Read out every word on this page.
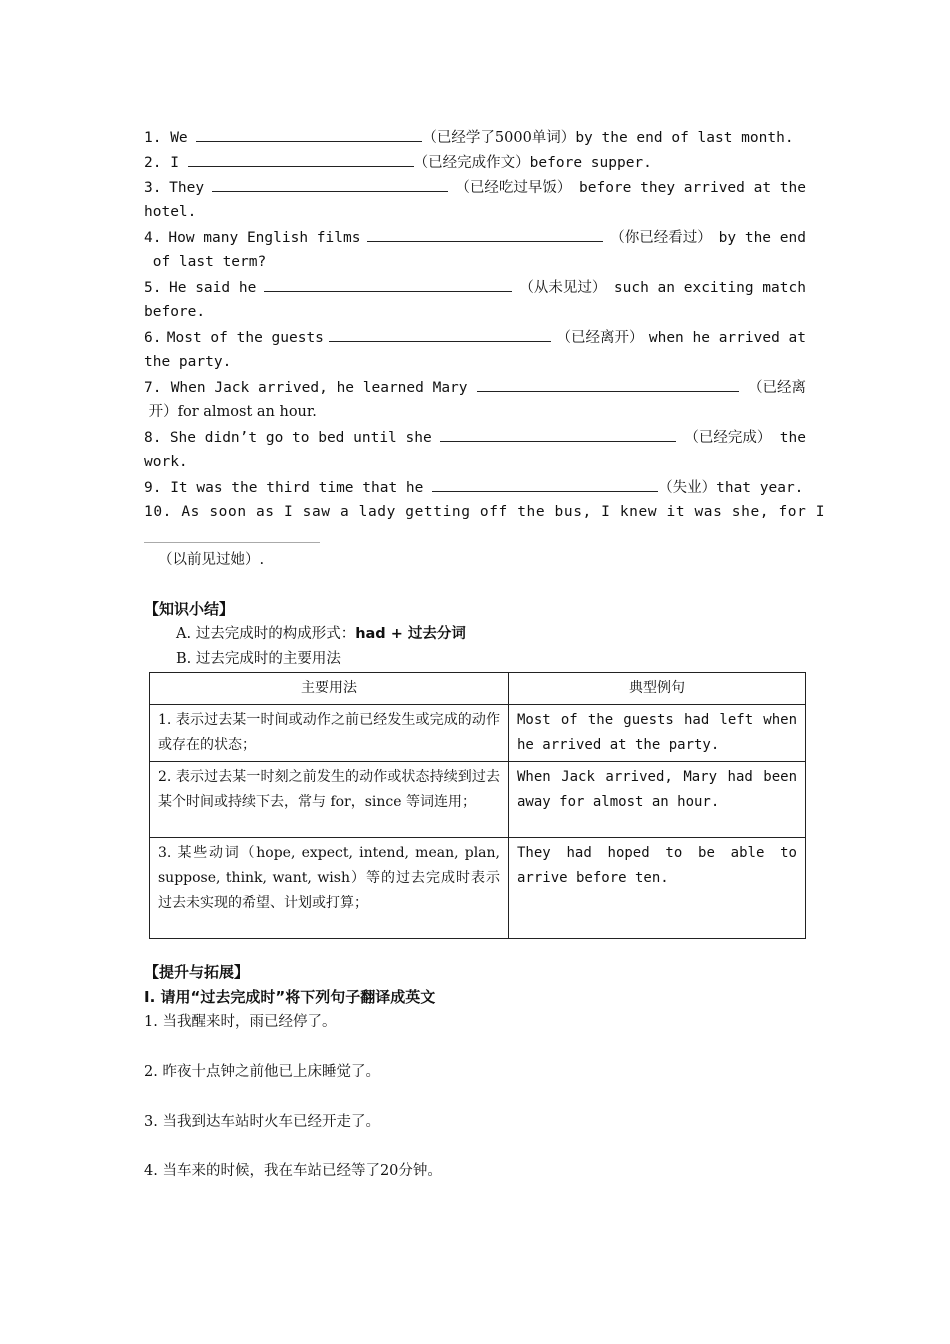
1. We	（已经学了5000单词）by the end of last month.
2. I	（已经完成作文）before supper.
3. They	（已经吃过早饭） before they arrived at the
hotel.
4. How many English films	（你已经看过） by the end
of last term?
5. He said he	（从未见过） such an exciting match
before.
6. Most of the guests	（已经离开） when he arrived at
the party.
7. When Jack arrived, he learned Mary	（已经离
开）for almost an hour.
8. She didn’t go to bed until she	（已经完成） the
work.
9. It was the third time that he	（失业）that year.
10. As soon as I saw a lady getting off the bus, I knew it was she, for I
（以前见过她）.
【知识小结】
A. 过去完成时的构成形式：had + 过去分词
B. 过去完成时的主要用法
主要用法	典型例句
1. 表示过去某一时间或动作之前已经发生或完成的动作或存在的状态；	Most of the guests had left when he arrived at the party.
2. 表示过去某一时刻之前发生的动作或状态持续到过去某个时间或持续下去，常与 for，since 等词连用；	When Jack arrived, Mary had been away for almost an hour.
3. 某些动词（hope, expect, intend, mean, plan, suppose, think, want, wish）等的过去完成时表示过去未实现的希望、计划或打算；	They had hoped to be able to arrive before ten.
【提升与拓展】
I. 请用“过去完成时”将下列句子翻译成英文
1. 当我醒来时，雨已经停了。
2. 昨夜十点钟之前他已上床睡觉了。
3. 当我到达车站时火车已经开走了。
4. 当车来的时候，我在车站已经等了20分钟。
